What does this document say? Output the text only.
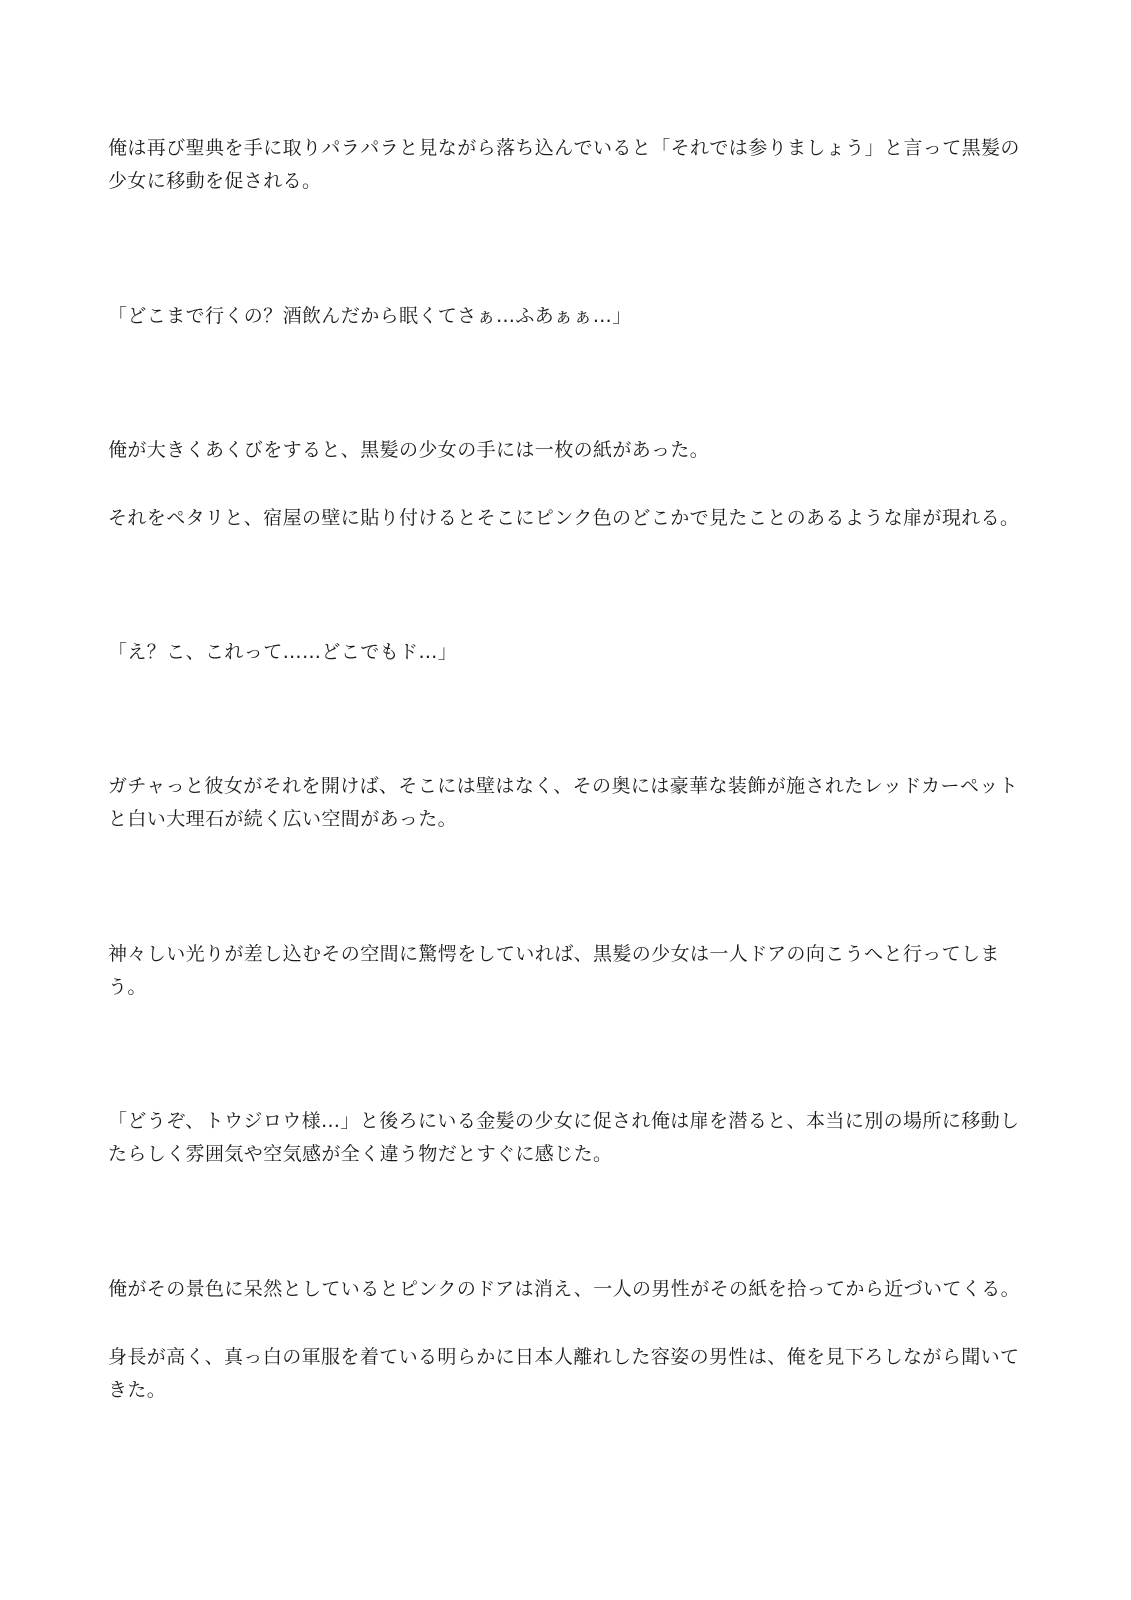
俺は再び聖典を手に取りパラパラと見ながら落ち込んでいると「それでは参りましょう」と言って黒髪の少女に移動を促される。

「どこまで行くの？酒飲んだから眠くてさぁ…ふあぁぁ…」

俺が大きくあくびをすると、黒髪の少女の手には一枚の紙があった。

それをペタリと、宿屋の壁に貼り付けるとそこにピンク色のどこかで見たことのあるような扉が現れる。

「え？こ、これって……どこでもド…」

ガチャっと彼女がそれを開けば、そこには壁はなく、その奥には豪華な装飾が施されたレッドカーペットと白い大理石が続く広い空間があった。

神々しい光りが差し込むその空間に驚愕をしていれば、黒髪の少女は一人ドアの向こうへと行ってしまう。

「どうぞ、トウジロウ様…」と後ろにいる金髪の少女に促され俺は扉を潜ると、本当に別の場所に移動したらしく雰囲気や空気感が全く違う物だとすぐに感じた。

俺がその景色に呆然としているとピンクのドアは消え、一人の男性がその紙を拾ってから近づいてくる。

身長が高く、真っ白の軍服を着ている明らかに日本人離れした容姿の男性は、俺を見下ろしながら聞いてきた。
